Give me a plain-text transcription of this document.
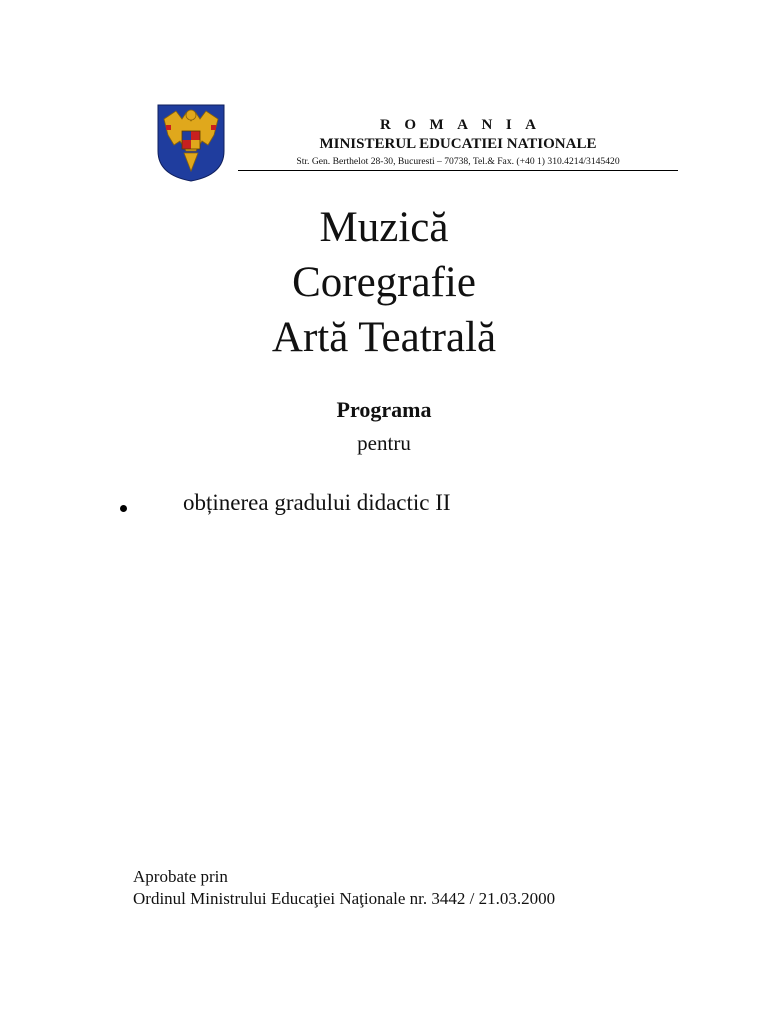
ROMANIA
MINISTERUL EDUCATIEI NATIONALE
Str. Gen. Berthelot 28-30, Bucuresti – 70738, Tel.& Fax. (+40 1) 310.4214/3145420
Muzică
Coregrafie
Artă Teatrală
Programa
pentru
obținerea gradului didactic II
Aprobate prin
Ordinul Ministrului Educaţiei Naţionale nr. 3442 / 21.03.2000
